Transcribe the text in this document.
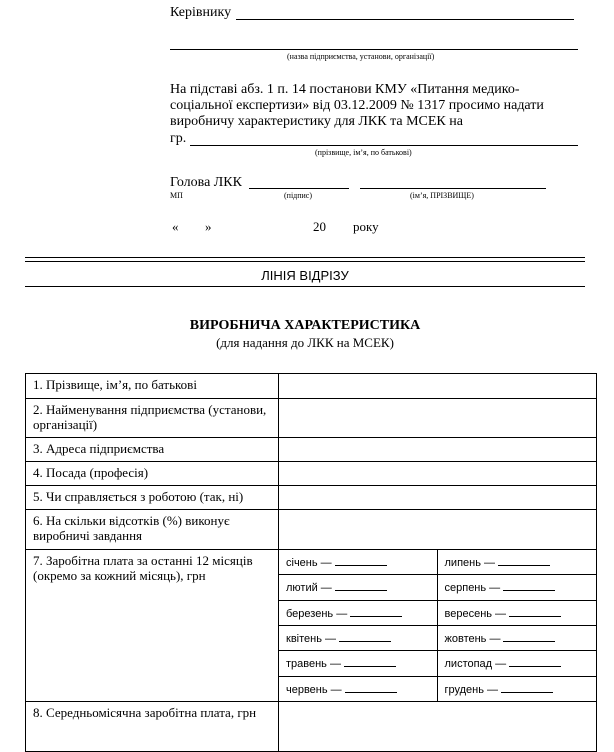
Керівнику
(назва підприємства, установи, організації)
На підставі абз. 1 п. 14 постанови КМУ «Питання медико-
соціальної експертизи» від 03.12.2009 № 1317 просимо надати
виробничу характеристику для ЛКК та МСЕК на
гр.
(прізвище, ім’я, по батькові)
Голова ЛКК
МП	(підпис)	(ім’я, ПРІЗВИЩЕ)
« »	20 року
ЛІНІЯ ВІДРІЗУ
ВИРОБНИЧА ХАРАКТЕРИСТИКА
(для надання до ЛКК на МСЕК)
1. Прізвище, ім’я, по батькові	
2. Найменування підприємства (установи, організації)	
3. Адреса підприємства	
4. Посада (професія)	
5. Чи справляється з роботою (так, ні)	
6. На скільки відсотків (%) виконує виробничі завдання	
7. Заробітна плата за останні 12 місяців (окремо за кожний місяць), грн	
січень —	липень —
лютий —	серпень —
березень —	вересень —
квітень —	жовтень —
травень —	листопад —
червень —	грудень —

8. Середньомісячна заробітна плата, грн	
